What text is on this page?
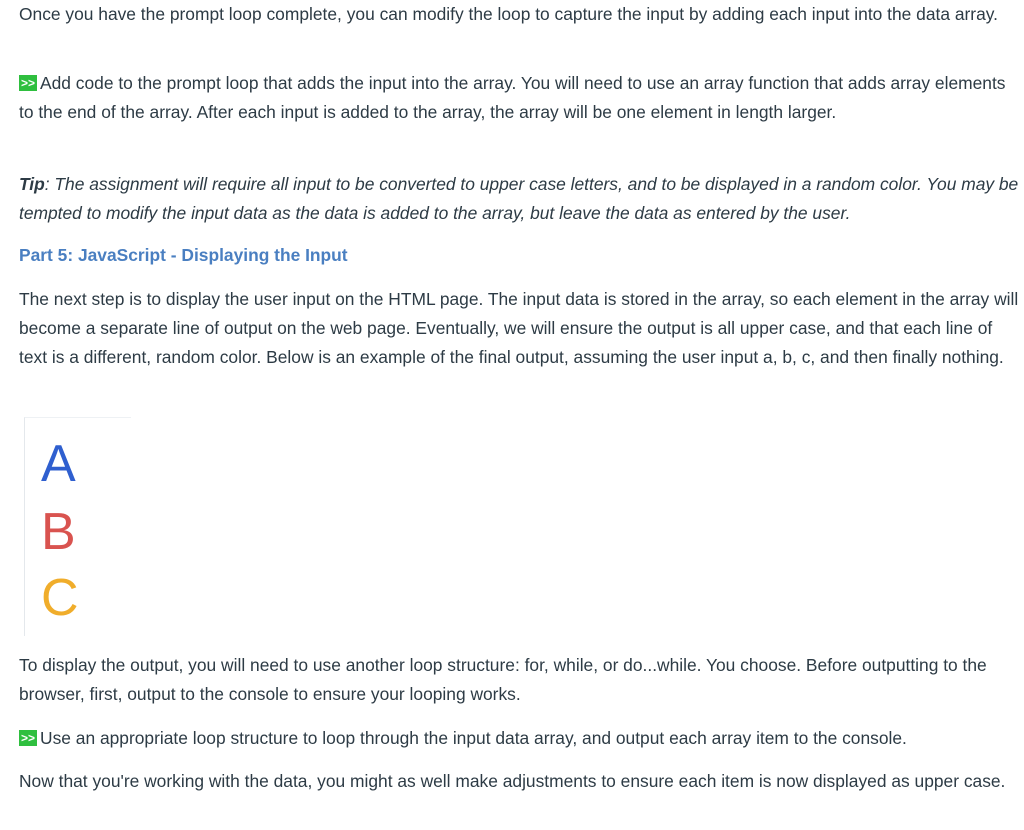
Once you have the prompt loop complete, you can modify the loop to capture the input by adding each input into the data array.

>> Add code to the prompt loop that adds the input into the array. You will need to use an array function that adds array elements to the end of the array. After each input is added to the array, the array will be one element in length larger.

Tip: The assignment will require all input to be converted to upper case letters, and to be displayed in a random color. You may be tempted to modify the input data as the data is added to the array, but leave the data as entered by the user.

Part 5: JavaScript - Displaying the Input

The next step is to display the user input on the HTML page. The input data is stored in the array, so each element in the array will become a separate line of output on the web page. Eventually, we will ensure the output is all upper case, and that each line of text is a different, random color. Below is an example of the final output, assuming the user input a, b, c, and then finally nothing.

A
B
C

To display the output, you will need to use another loop structure: for, while, or do...while. You choose. Before outputting to the browser, first, output to the console to ensure your looping works.

>> Use an appropriate loop structure to loop through the input data array, and output each array item to the console.

Now that you're working with the data, you might as well make adjustments to ensure each item is now displayed as upper case.
